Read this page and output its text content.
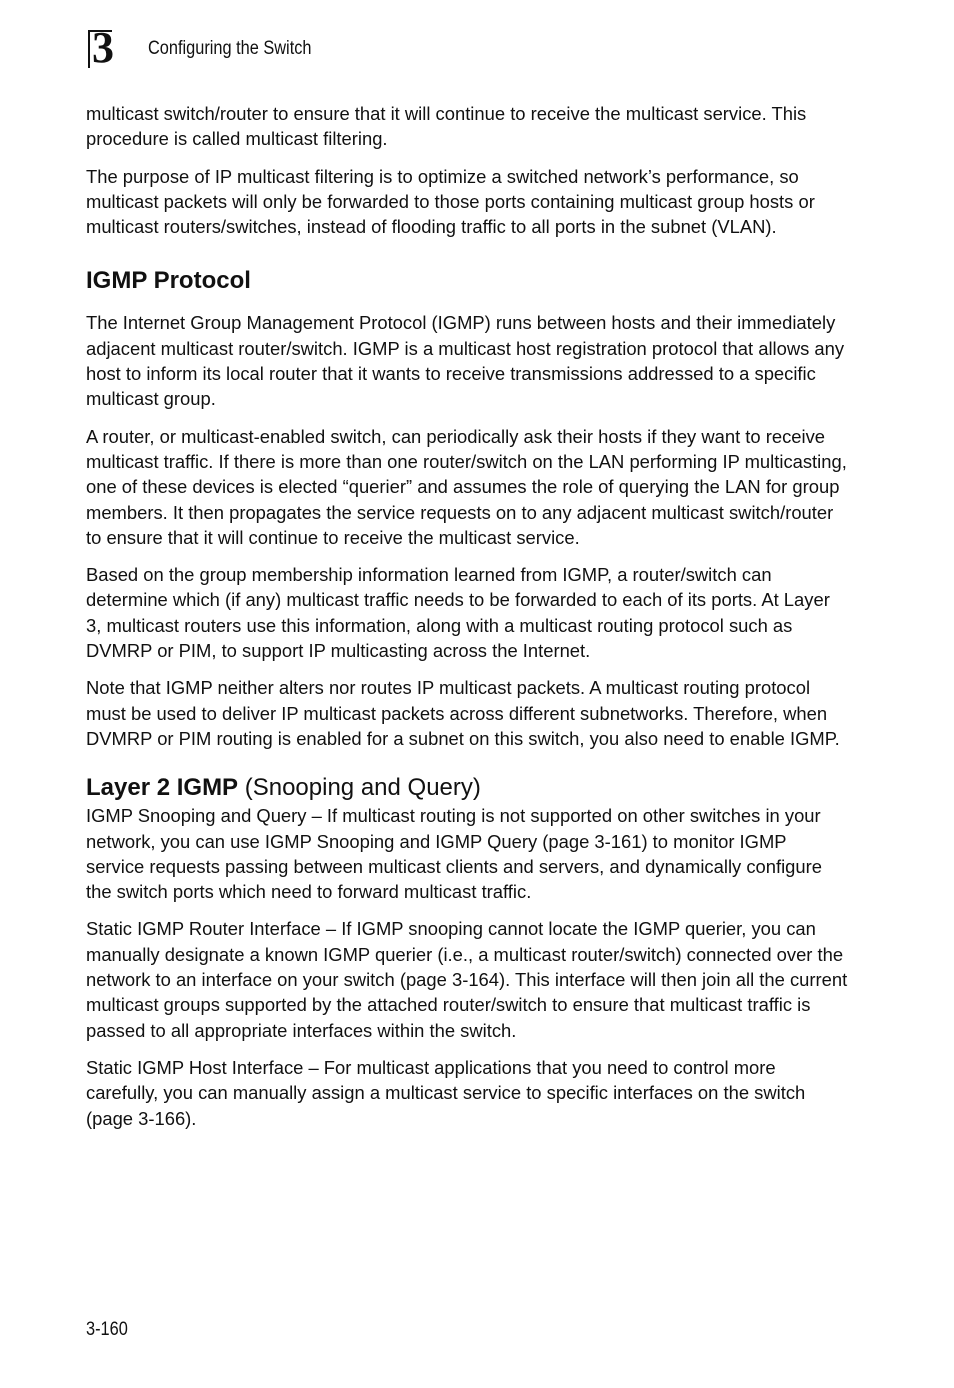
3 Configuring the Switch

multicast switch/router to ensure that it will continue to receive the multicast service. This procedure is called multicast filtering.

The purpose of IP multicast filtering is to optimize a switched network’s performance, so multicast packets will only be forwarded to those ports containing multicast group hosts or multicast routers/switches, instead of flooding traffic to all ports in the subnet (VLAN).

IGMP Protocol

The Internet Group Management Protocol (IGMP) runs between hosts and their immediately adjacent multicast router/switch. IGMP is a multicast host registration protocol that allows any host to inform its local router that it wants to receive transmissions addressed to a specific multicast group.

A router, or multicast-enabled switch, can periodically ask their hosts if they want to receive multicast traffic. If there is more than one router/switch on the LAN performing IP multicasting, one of these devices is elected “querier” and assumes the role of querying the LAN for group members. It then propagates the service requests on to any adjacent multicast switch/router to ensure that it will continue to receive the multicast service.

Based on the group membership information learned from IGMP, a router/switch can determine which (if any) multicast traffic needs to be forwarded to each of its ports. At Layer 3, multicast routers use this information, along with a multicast routing protocol such as DVMRP or PIM, to support IP multicasting across the Internet.

Note that IGMP neither alters nor routes IP multicast packets. A multicast routing protocol must be used to deliver IP multicast packets across different subnetworks. Therefore, when DVMRP or PIM routing is enabled for a subnet on this switch, you also need to enable IGMP.

Layer 2 IGMP (Snooping and Query)

IGMP Snooping and Query – If multicast routing is not supported on other switches in your network, you can use IGMP Snooping and IGMP Query (page 3-161) to monitor IGMP service requests passing between multicast clients and servers, and dynamically configure the switch ports which need to forward multicast traffic.

Static IGMP Router Interface – If IGMP snooping cannot locate the IGMP querier, you can manually designate a known IGMP querier (i.e., a multicast router/switch) connected over the network to an interface on your switch (page 3-164). This interface will then join all the current multicast groups supported by the attached router/switch to ensure that multicast traffic is passed to all appropriate interfaces within the switch.

Static IGMP Host Interface – For multicast applications that you need to control more carefully, you can manually assign a multicast service to specific interfaces on the switch (page 3-166).

3-160
